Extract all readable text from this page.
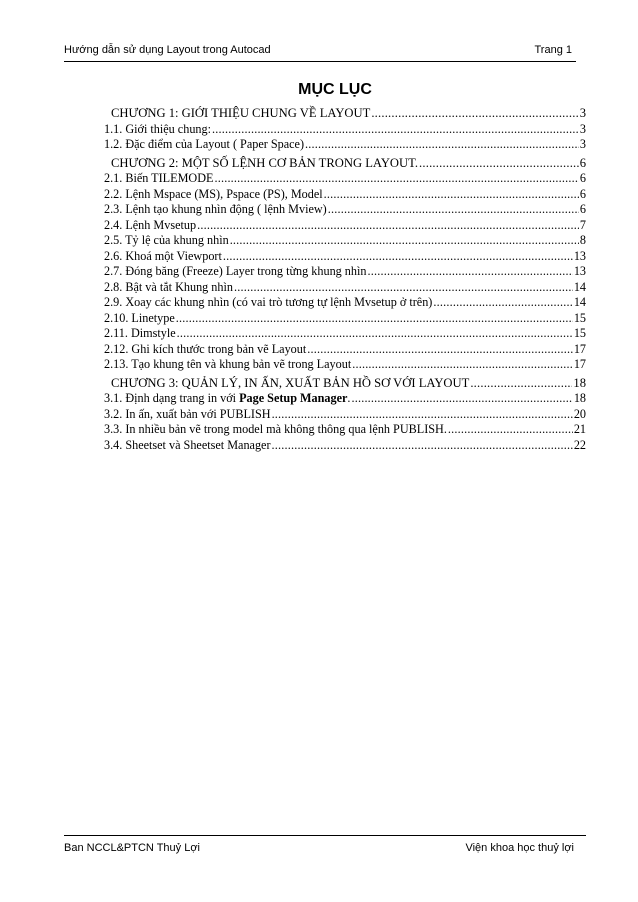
Hướng dẫn sử dụng Layout trong Autocad	Trang 1
MỤC LỤC
CHƯƠNG 1: GIỚI THIỆU CHUNG VỀ LAYOUT .....	3
1.1. Giới thiệu chung: .....	3
1.2. Đặc điểm của Layout ( Paper Space) .....	3
CHƯƠNG 2: MỘT SỐ LỆNH CƠ BẢN TRONG LAYOUT. .....	6
2.1. Biến TILEMODE .....	6
2.2. Lệnh Mspace (MS), Pspace (PS), Model .....	6
2.3. Lệnh tạo khung nhìn động ( lệnh Mview) .....	6
2.4. Lệnh Mvsetup .....	7
2.5. Tỷ lệ của khung nhìn .....	8
2.6. Khoá một Viewport .....	13
2.7. Đóng băng (Freeze) Layer trong từng khung nhìn .....	13
2.8. Bật và tắt Khung nhìn .....	14
2.9. Xoay các khung nhìn (có vai trò tương tự lệnh Mvsetup ở trên) .....	14
2.10. Linetype .....	15
2.11. Dimstyle .....	15
2.12. Ghi kích thước trong bản vẽ Layout .....	17
2.13. Tạo khung tên và khung bản vẽ trong Layout .....	17
CHƯƠNG 3: QUẢN LÝ, IN ẤN, XUẤT BẢN HỒ SƠ VỚI LAYOUT .....	18
3.1. Định dạng trang in với Page Setup Manager. .....	18
3.2. In ấn, xuất bản với PUBLISH .....	20
3.3. In nhiều bản vẽ trong model mà không thông qua lệnh PUBLISH. .....	21
3.4. Sheetset và Sheetset Manager .....	22
Ban NCCL&PTCN Thuỷ Lợi	Viện khoa học thuỷ lợi
